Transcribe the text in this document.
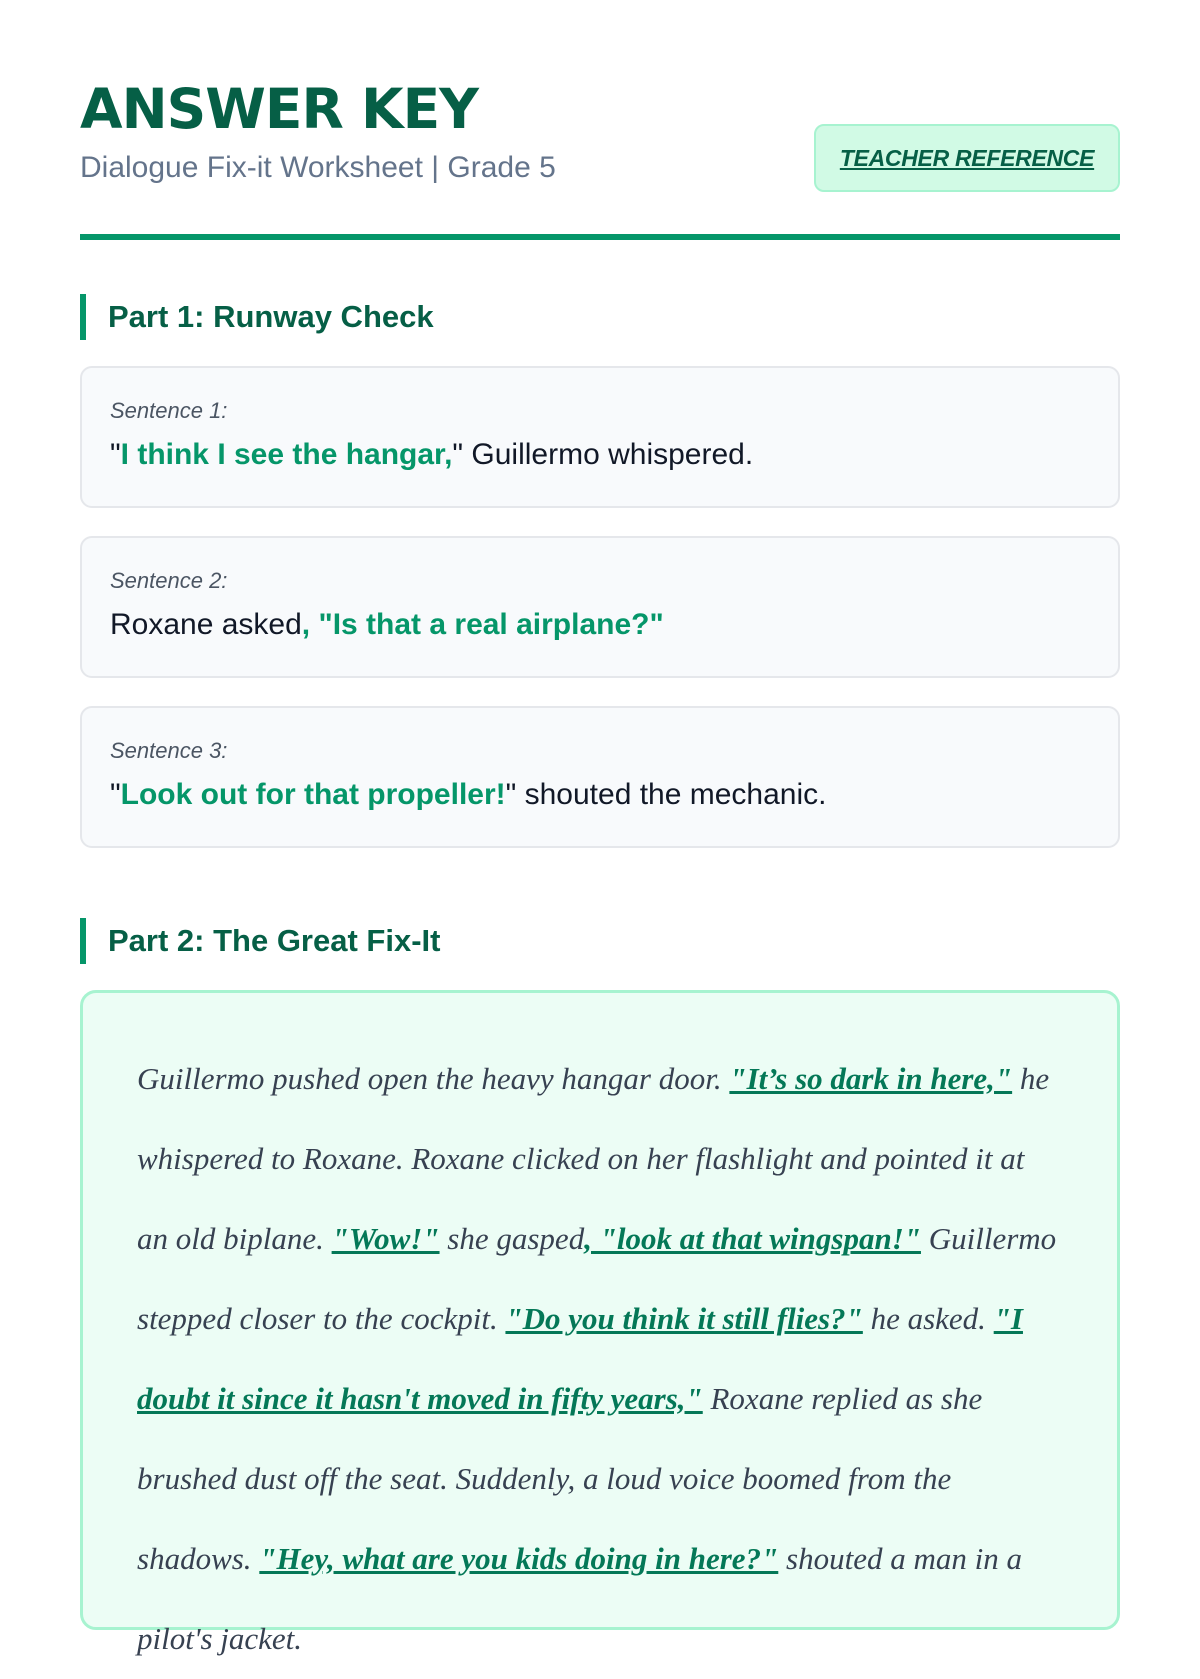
ANSWER KEY
Dialogue Fix-it Worksheet | Grade 5	TEACHER REFERENCE
Part 1: Runway Check
Sentence 1:
"I think I see the hangar," Guillermo whispered.
Sentence 2:
Roxane asked, "Is that a real airplane?"
Sentence 3:
"Look out for that propeller!" shouted the mechanic.
Part 2: The Great Fix-It

Guillermo pushed open the heavy hangar door. "It’s so dark in here," he whispered to Roxane. Roxane clicked on her flashlight and pointed it at an old biplane. "Wow!" she gasped, "look at that wingspan!" Guillermo stepped closer to the cockpit. "Do you think it still flies?" he asked. "I doubt it since it hasn't moved in fifty years," Roxane replied as she brushed dust off the seat. Suddenly, a loud voice boomed from the shadows. "Hey, what are you kids doing in here?" shouted a man in a pilot's jacket.
